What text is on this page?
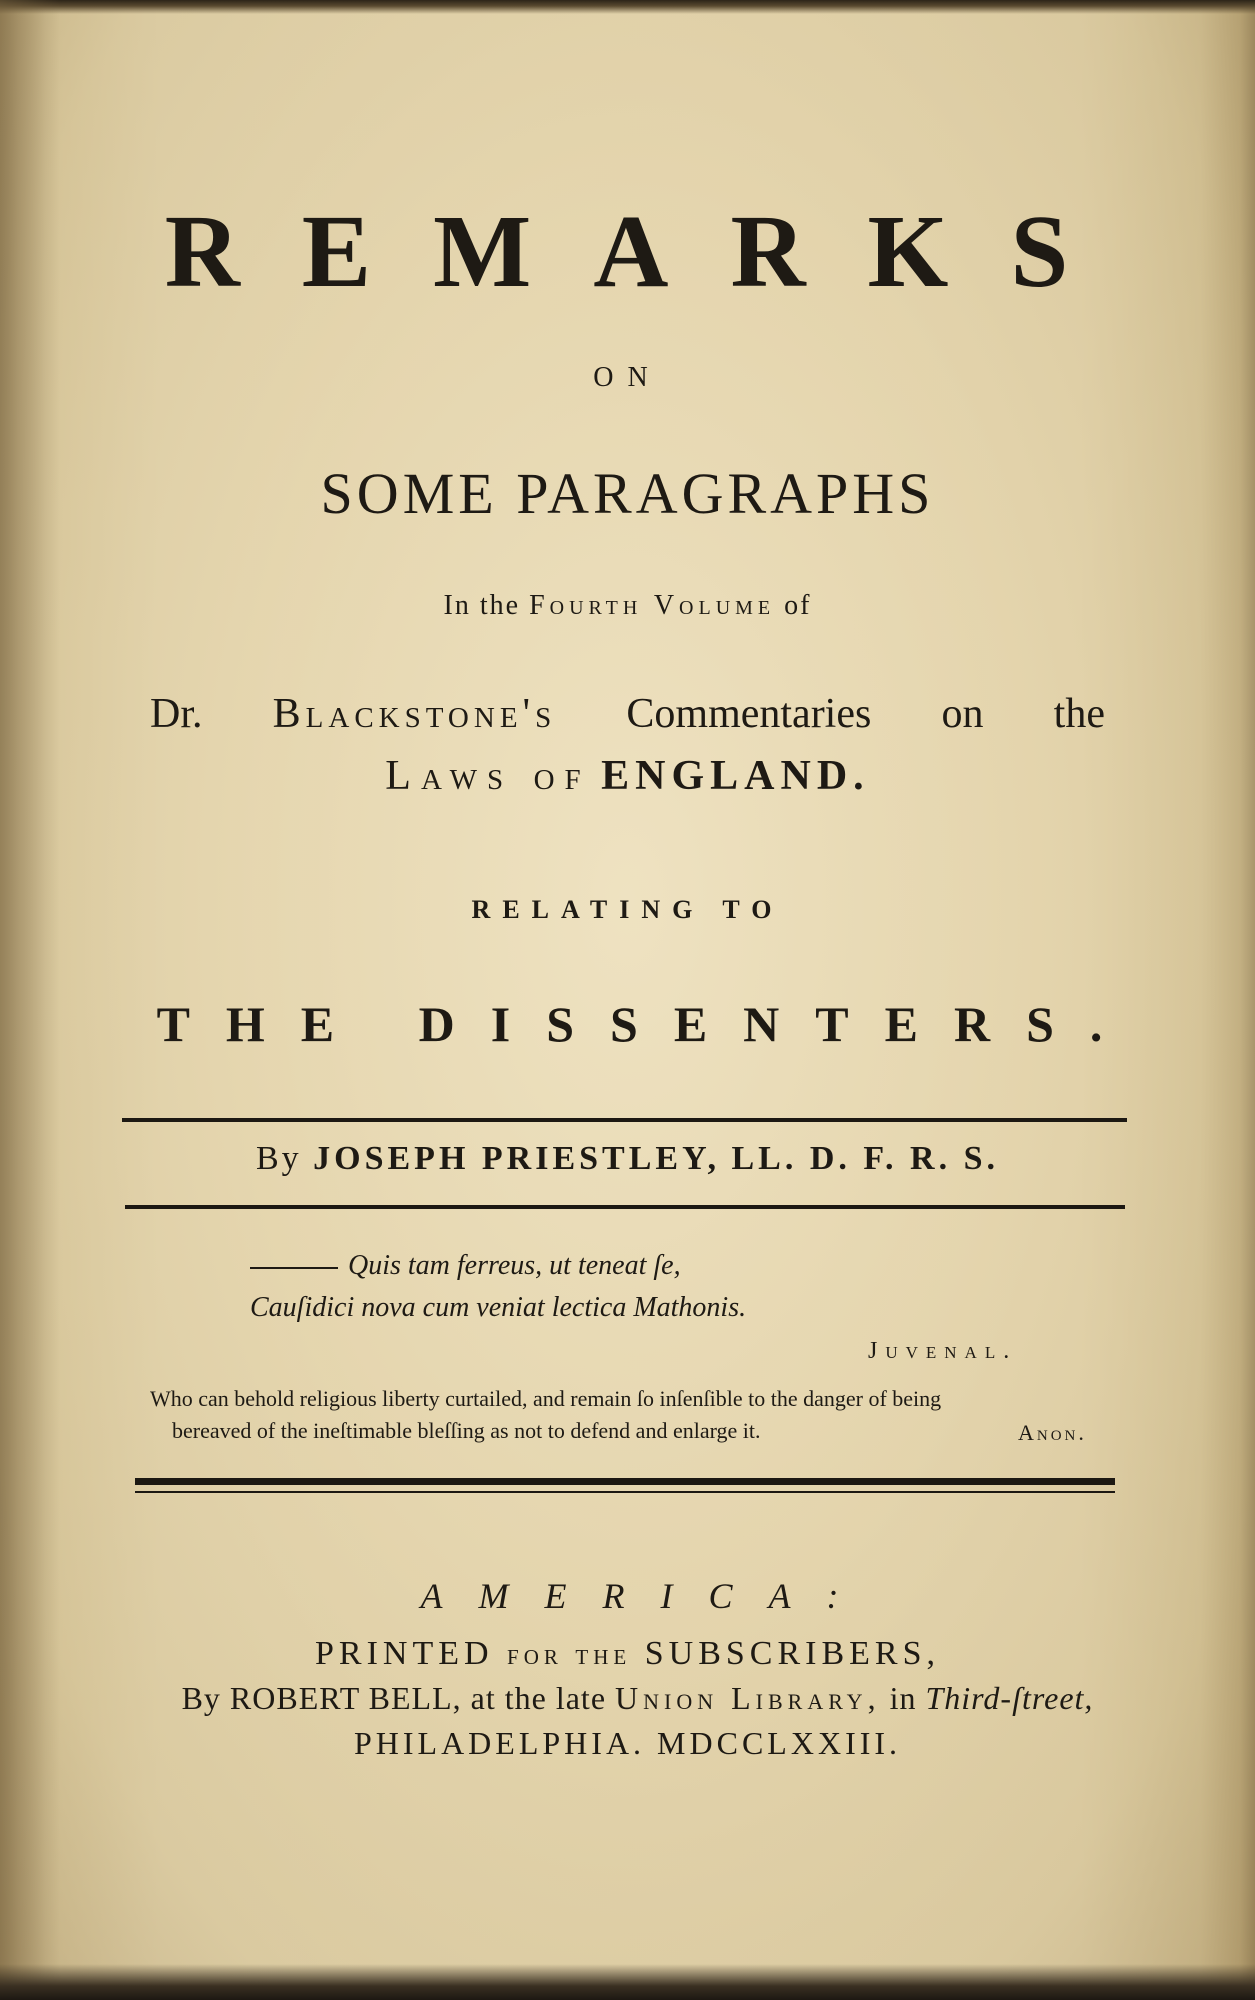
REMARKS
ON
SOME PARAGRAPHS
In the Fourth Volume of
Dr. Blackstone's Commentaries on the
Laws of ENGLAND.
RELATING TO
THE DISSENTERS.
By JOSEPH PRIESTLEY, LL. D. F. R. S.
Quis tam ferreus, ut teneat ſe,
Cauſidici nova cum veniat lectica Mathonis.
Juvenal.
Who can behold religious liberty curtailed, and remain ſo inſenſible to the danger of being
bereaved of the ineſtimable bleſſing as not to defend and enlarge it.	Anon.
AMERICA:
PRINTED for the SUBSCRIBERS,
By ROBERT BELL, at the late Union Library, in Third-ſtreet,
PHILADELPHIA. MDCCLXXIII.
